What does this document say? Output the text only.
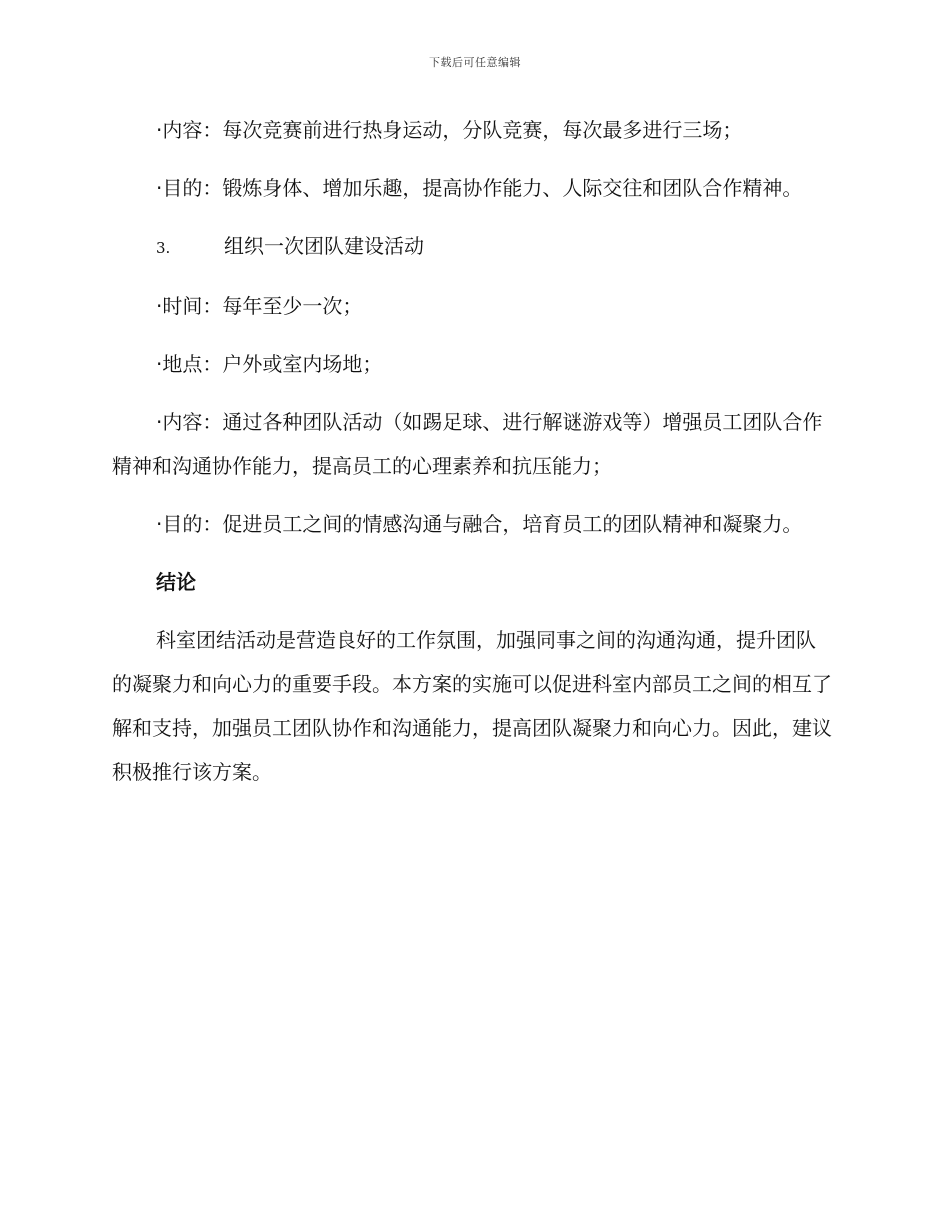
下载后可任意编辑

·内容：每次竞赛前进行热身运动，分队竞赛，每次最多进行三场；

·目的：锻炼身体、增加乐趣，提高协作能力、人际交往和团队合作精神。

3.	组织一次团队建设活动

·时间：每年至少一次；

·地点：户外或室内场地；

·内容：通过各种团队活动（如踢足球、进行解谜游戏等）增强员工团队合作精神和沟通协作能力，提高员工的心理素养和抗压能力；

·目的：促进员工之间的情感沟通与融合，培育员工的团队精神和凝聚力。

结论

科室团结活动是营造良好的工作氛围，加强同事之间的沟通沟通，提升团队的凝聚力和向心力的重要手段。本方案的实施可以促进科室内部员工之间的相互了解和支持，加强员工团队协作和沟通能力，提高团队凝聚力和向心力。因此，建议积极推行该方案。
